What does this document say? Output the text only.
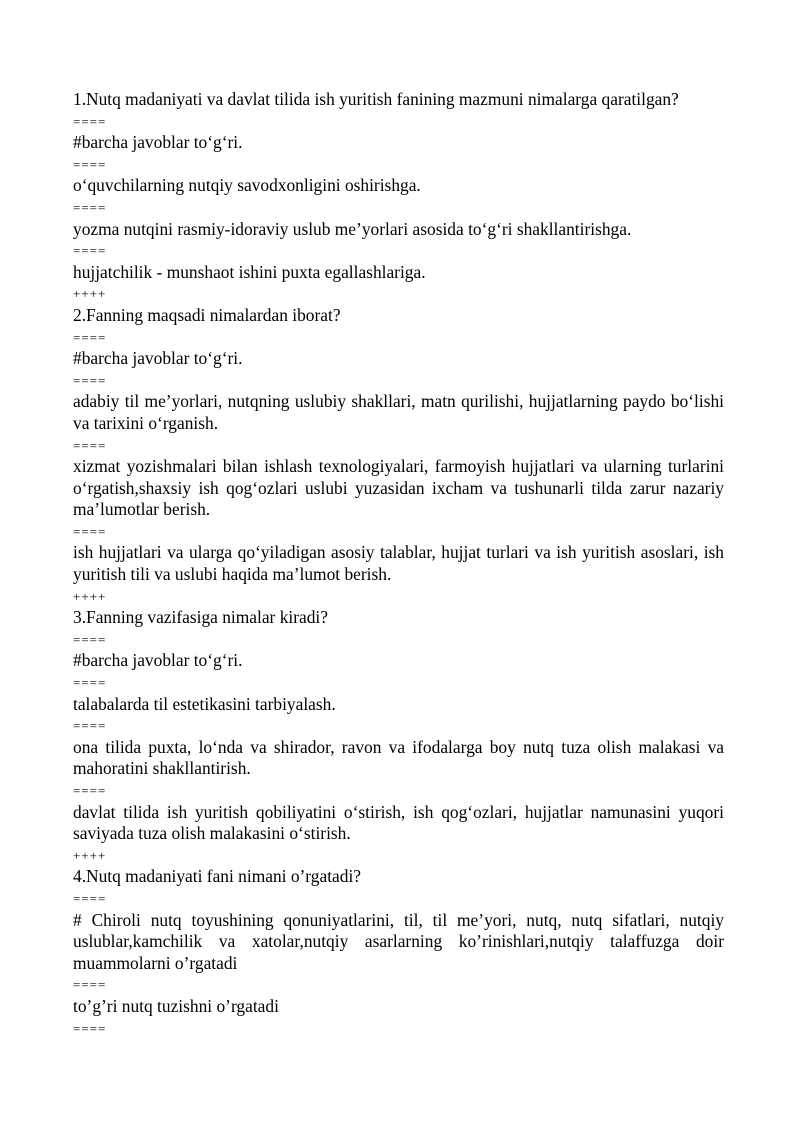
1.Nutq madaniyati va davlat tilida ish yuritish fanining mazmuni nimalarga qaratilgan?

====

#barcha javoblar to‘g‘ri.

====

o‘quvchilarning nutqiy savodxonligini oshirishga.

====

yozma nutqini rasmiy-idoraviy uslub me’yorlari asosida to‘g‘ri shakllantirishga.

====

hujjatchilik - munshaot ishini puxta egallashlariga.

++++

2.Fanning maqsadi nimalardan iborat?

====

#barcha javoblar to‘g‘ri.

====

adabiy til me’yorlari, nutqning uslubiy shakllari, matn qurilishi, hujjatlarning paydo bo‘lishi va tarixini o‘rganish.

====

xizmat yozishmalari bilan ishlash texnologiyalari, farmoyish hujjatlari va ularning turlarini o‘rgatish,shaxsiy ish qog‘ozlari uslubi yuzasidan ixcham va tushunarli tilda zarur nazariy ma’lumotlar berish.

====

ish hujjatlari va ularga qo‘yiladigan asosiy talablar, hujjat turlari va ish yuritish asoslari, ish yuritish tili va uslubi haqida ma’lumot berish.

++++

3.Fanning vazifasiga nimalar kiradi?

====

#barcha javoblar to‘g‘ri.

====

talabalarda til estetikasini tarbiyalash.

====

ona tilida puxta, lo‘nda va shirador, ravon va ifodalarga boy nutq tuza olish malakasi va mahoratini shakllantirish.

====

davlat tilida ish yuritish qobiliyatini o‘stirish, ish qog‘ozlari, hujjatlar namunasini yuqori saviyada tuza olish malakasini o‘stirish.

++++

4.Nutq madaniyati fani nimani o’rgatadi?

====

# Chiroli nutq toyushining qonuniyatlarini, til, til me’yori, nutq, nutq sifatlari, nutqiy uslublar,kamchilik va xatolar,nutqiy asarlarning ko’rinishlari,nutqiy talaffuzga doir muammolarni o’rgatadi

====

to’g’ri nutq tuzishni o’rgatadi

====
